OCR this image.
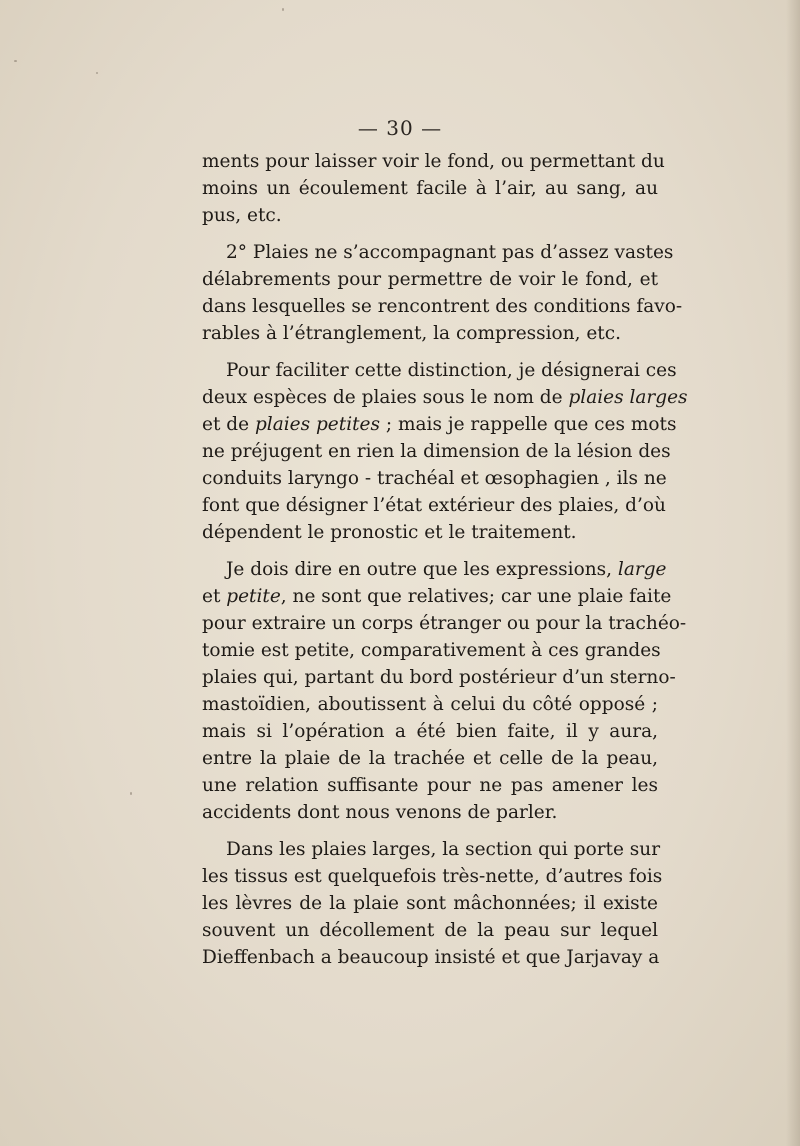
— 30 —
ments pour laisser voir le fond, ou permettant du
moins un écoulement facile à l’air, au sang, au
pus, etc.
2° Plaies ne s’accompagnant pas d’assez vastes
délabrements pour permettre de voir le fond, et
dans lesquelles se rencontrent des conditions favo-
rables à l’étranglement, la compression, etc.
Pour faciliter cette distinction, je désignerai ces
deux espèces de plaies sous le nom de plaies larges
et de plaies petites ; mais je rappelle que ces mots
ne préjugent en rien la dimension de la lésion des
conduits laryngo - trachéal et œsophagien , ils ne
font que désigner l’état extérieur des plaies, d’où
dépendent le pronostic et le traitement.
Je dois dire en outre que les expressions, large
et petite, ne sont que relatives; car une plaie faite
pour extraire un corps étranger ou pour la trachéo-
tomie est petite, comparativement à ces grandes
plaies qui, partant du bord postérieur d’un sterno-
mastoïdien, aboutissent à celui du côté opposé ;
mais si l’opération a été bien faite, il y aura,
entre la plaie de la trachée et celle de la peau,
une relation suffisante pour ne pas amener les
accidents dont nous venons de parler.
Dans les plaies larges, la section qui porte sur
les tissus est quelquefois très-nette, d’autres fois
les lèvres de la plaie sont mâchonnées; il existe
souvent un décollement de la peau sur lequel
Dieffenbach a beaucoup insisté et que Jarjavay a
